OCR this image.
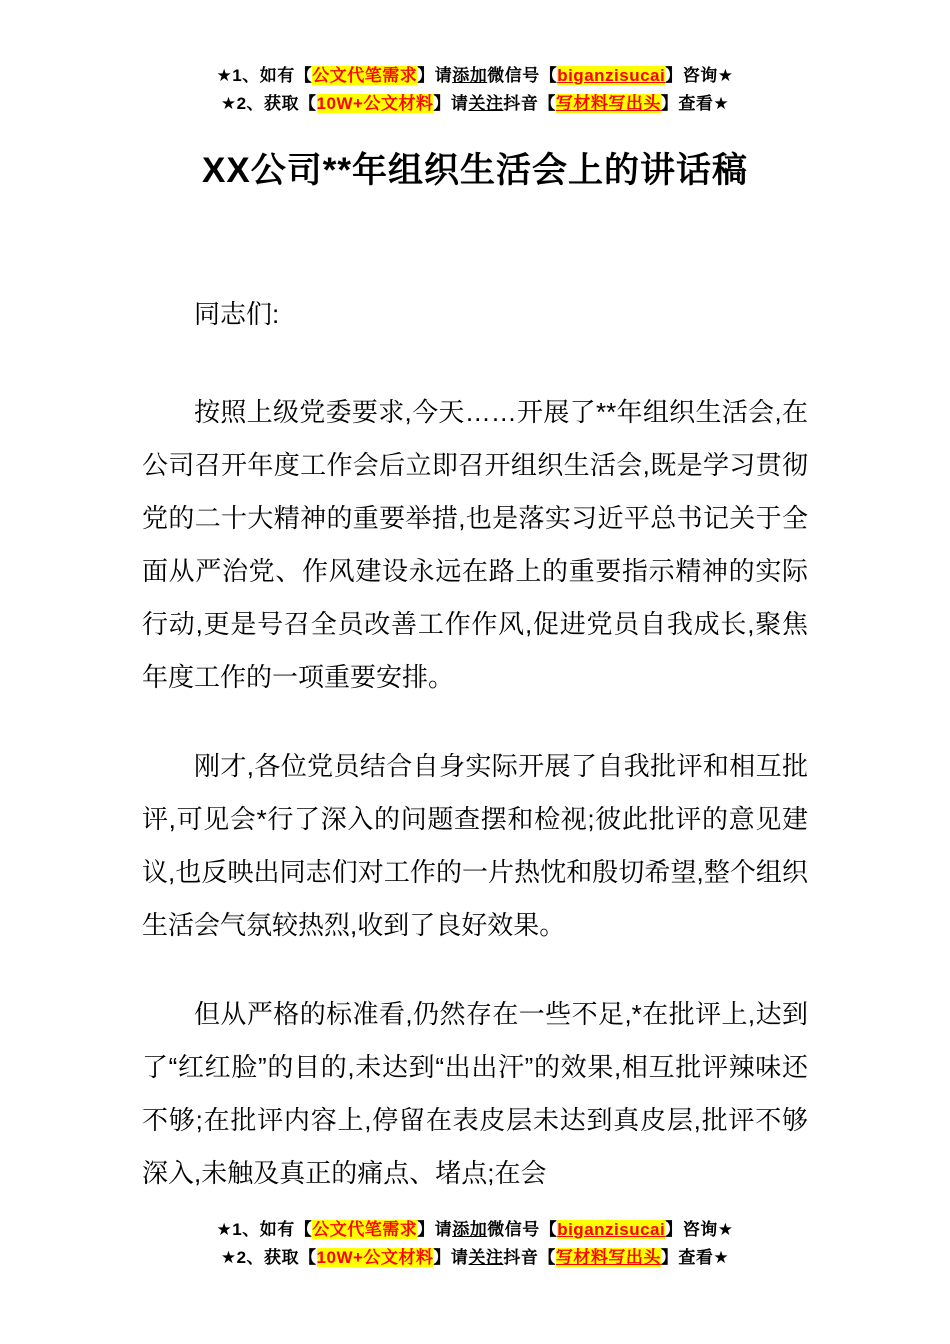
★1、如有【公文代笔需求】请添加微信号【biganzisucai】咨询★
★2、获取【10W+公文材料】请关注抖音【写材料写出头】查看★
XX公司**年组织生活会上的讲话稿

同志们:

按照上级党委要求,今天……开展了**年组织生活会,在公司召开年度工作会后立即召开组织生活会,既是学习贯彻党的二十大精神的重要举措,也是落实习近平总书记关于全面从严治党、作风建设永远在路上的重要指示精神的实际行动,更是号召全员改善工作作风,促进党员自我成长,聚焦年度工作的一项重要安排。

刚才,各位党员结合自身实际开展了自我批评和相互批评,可见会*行了深入的问题查摆和检视;彼此批评的意见建议,也反映出同志们对工作的一片热忱和殷切希望,整个组织生活会气氛较热烈,收到了良好效果。

但从严格的标准看,仍然存在一些不足,*在批评上,达到了“红红脸”的目的,未达到“出出汗”的效果,相互批评辣味还不够;在批评内容上,停留在表皮层未达到真皮层,批评不够深入,未触及真正的痛点、堵点;在会

★1、如有【公文代笔需求】请添加微信号【biganzisucai】咨询★
★2、获取【10W+公文材料】请关注抖音【写材料写出头】查看★
